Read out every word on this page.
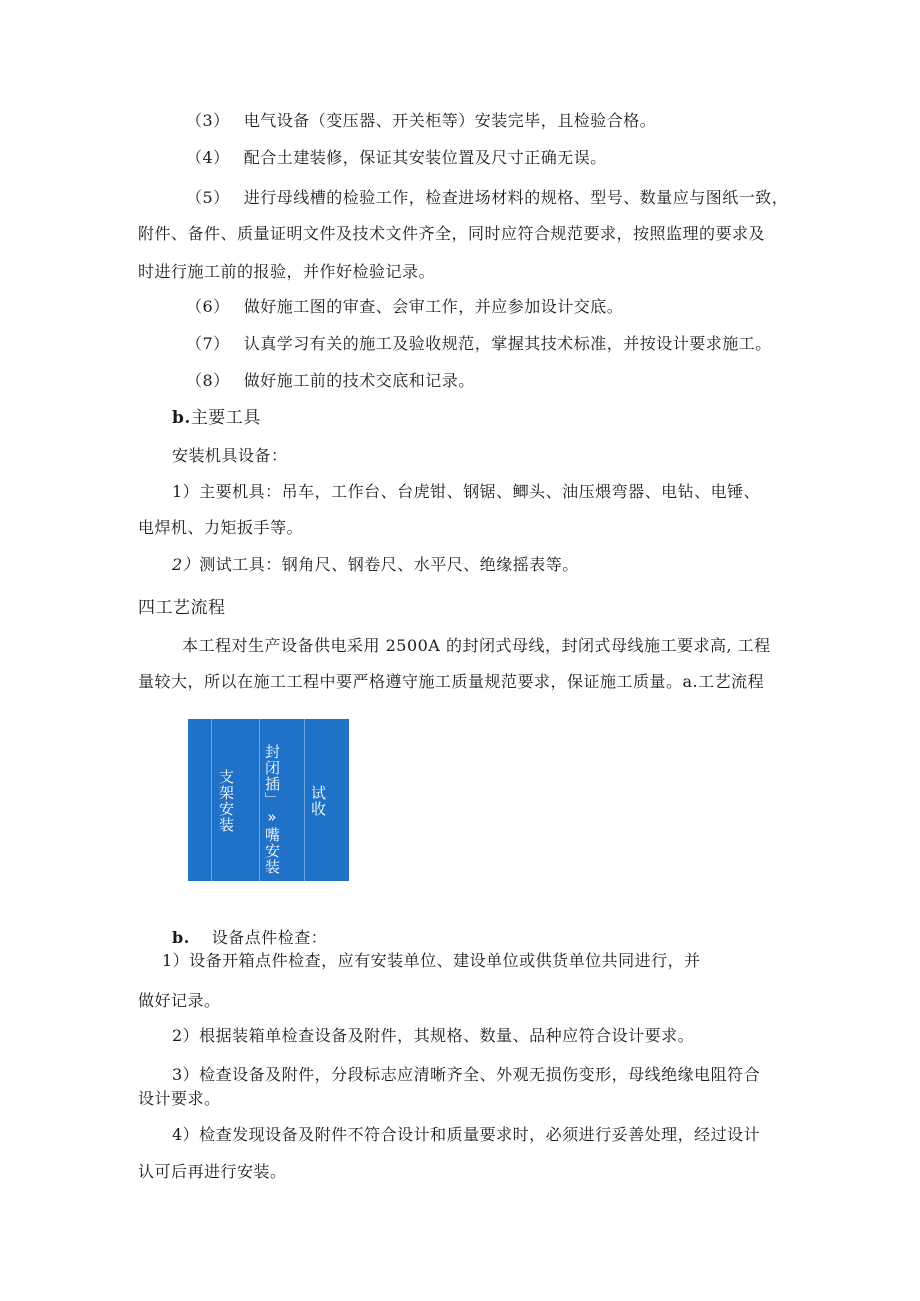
（3） 电气设备（变压器、开关柜等）安装完毕，且检验合格。
（4） 配合土建装修，保证其安装位置及尺寸正确无误。
（5） 进行母线槽的检验工作，检查进场材料的规格、型号、数量应与图纸一致，
附件、备件、质量证明文件及技术文件齐全，同时应符合规范要求，按照监理的要求及
时进行施工前的报验，并作好检验记录。
（6） 做好施工图的审查、会审工作，并应参加设计交底。
（7） 认真学习有关的施工及验收规范，掌握其技术标准，并按设计要求施工。
（8） 做好施工前的技术交底和记录。
b.主要工具
安装机具设备：
1）主要机具：吊车，工作台、台虎钳、钢锯、鲫头、油压煨弯器、电钻、电锤、
电焊机、力矩扳手等。
2）测试工具：钢角尺、钢卷尺、水平尺、绝缘摇表等。
四工艺流程
本工程对生产设备供电采用 2500A 的封闭式母线，封闭式母线施工要求高, 工程
量较大，所以在施工工程中要严格遵守施工质量规范要求，保证施工质量。a.工艺流程
支架安装 封闭插」»嘴安装 试收
b. 设备点件检查：
1）设备开箱点件检查，应有安装单位、建设单位或供货单位共同进行，并
做好记录。
2）根据装箱单检查设备及附件，其规格、数量、品种应符合设计要求。
3）检查设备及附件，分段标志应清晰齐全、外观无损伤变形，母线绝缘电阻符合
设计要求。
4）检查发现设备及附件不符合设计和质量要求时，必须进行妥善处理，经过设计
认可后再进行安装。
